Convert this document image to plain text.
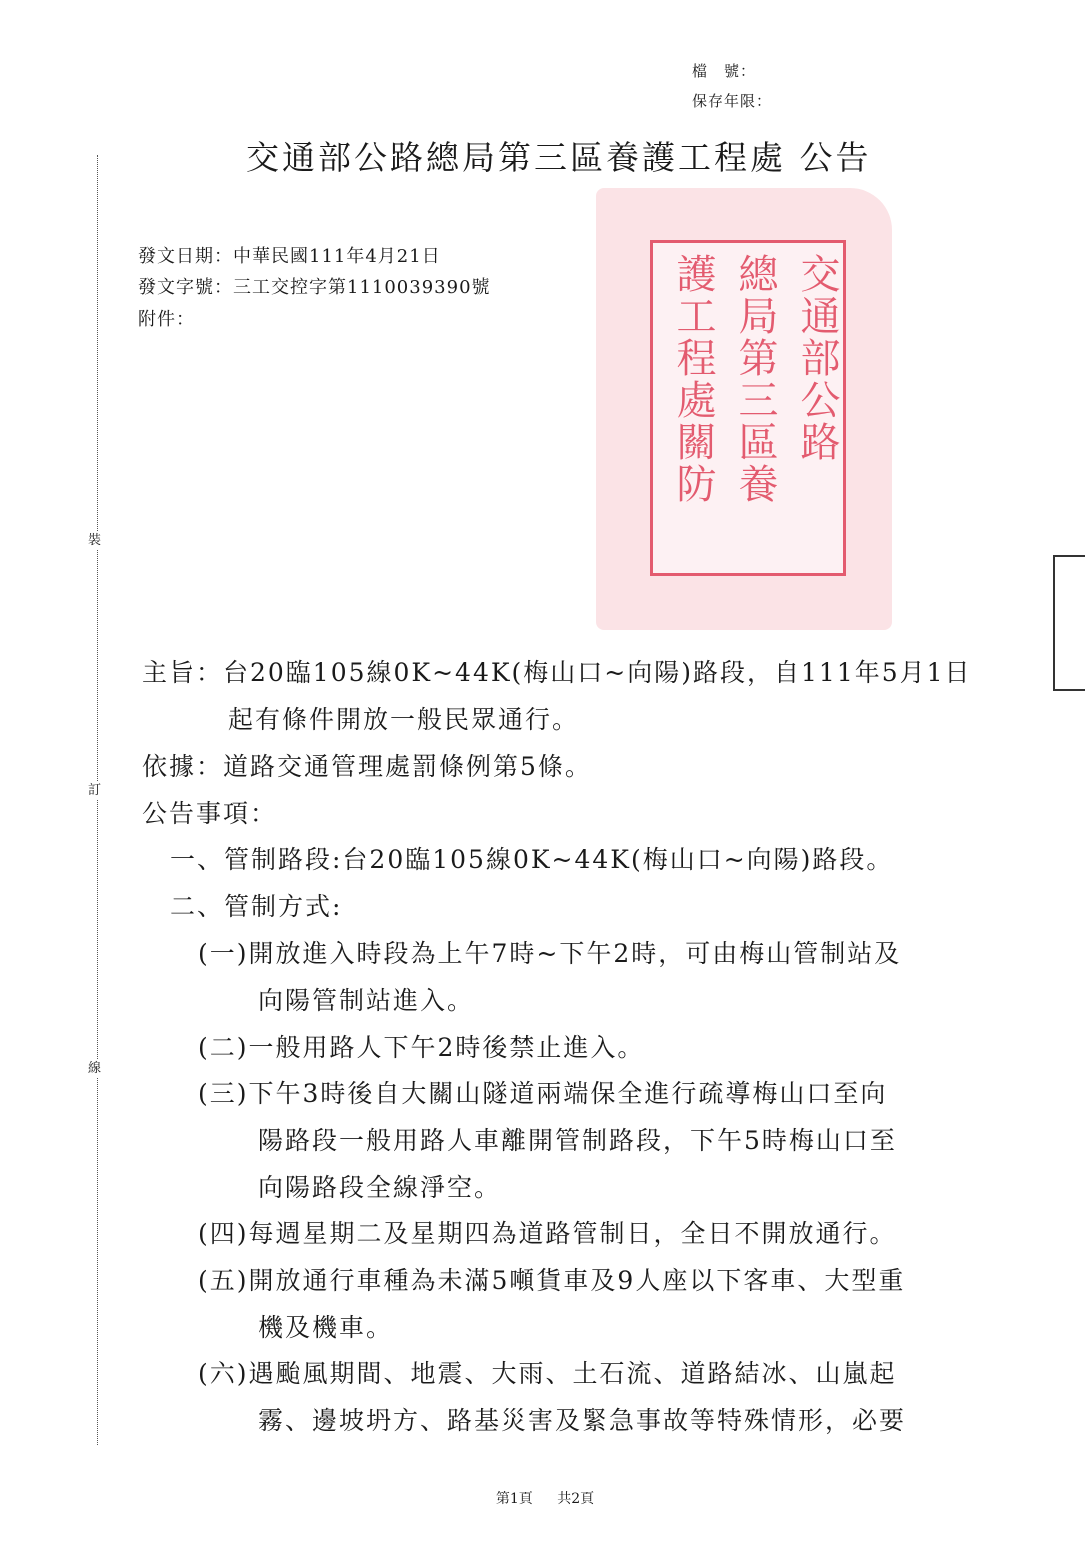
裝
訂
線
檔　號：
保存年限：
交通部公路總局第三區養護工程處 公告
發文日期：中華民國111年4月21日
發文字號：三工交控字第1110039390號
附件：	交通部公路
總局第三區養
護工程處關防
主旨：台20臨105線0K~44K(梅山口~向陽)路段，自111年5月1日
起有條件開放一般民眾通行。
依據：道路交通管理處罰條例第5條。
公告事項：
一、管制路段:台20臨105線0K~44K(梅山口~向陽)路段。
二、管制方式:
(一)開放進入時段為上午7時~下午2時，可由梅山管制站及
向陽管制站進入。
(二)一般用路人下午2時後禁止進入。
(三)下午3時後自大關山隧道兩端保全進行疏導梅山口至向
陽路段一般用路人車離開管制路段，下午5時梅山口至
向陽路段全線淨空。
(四)每週星期二及星期四為道路管制日，全日不開放通行。
(五)開放通行車種為未滿5噸貨車及9人座以下客車、大型重
機及機車。
(六)遇颱風期間、地震、大雨、土石流、道路結冰、山嵐起
霧、邊坡坍方、路基災害及緊急事故等特殊情形，必要
第1頁 共2頁
